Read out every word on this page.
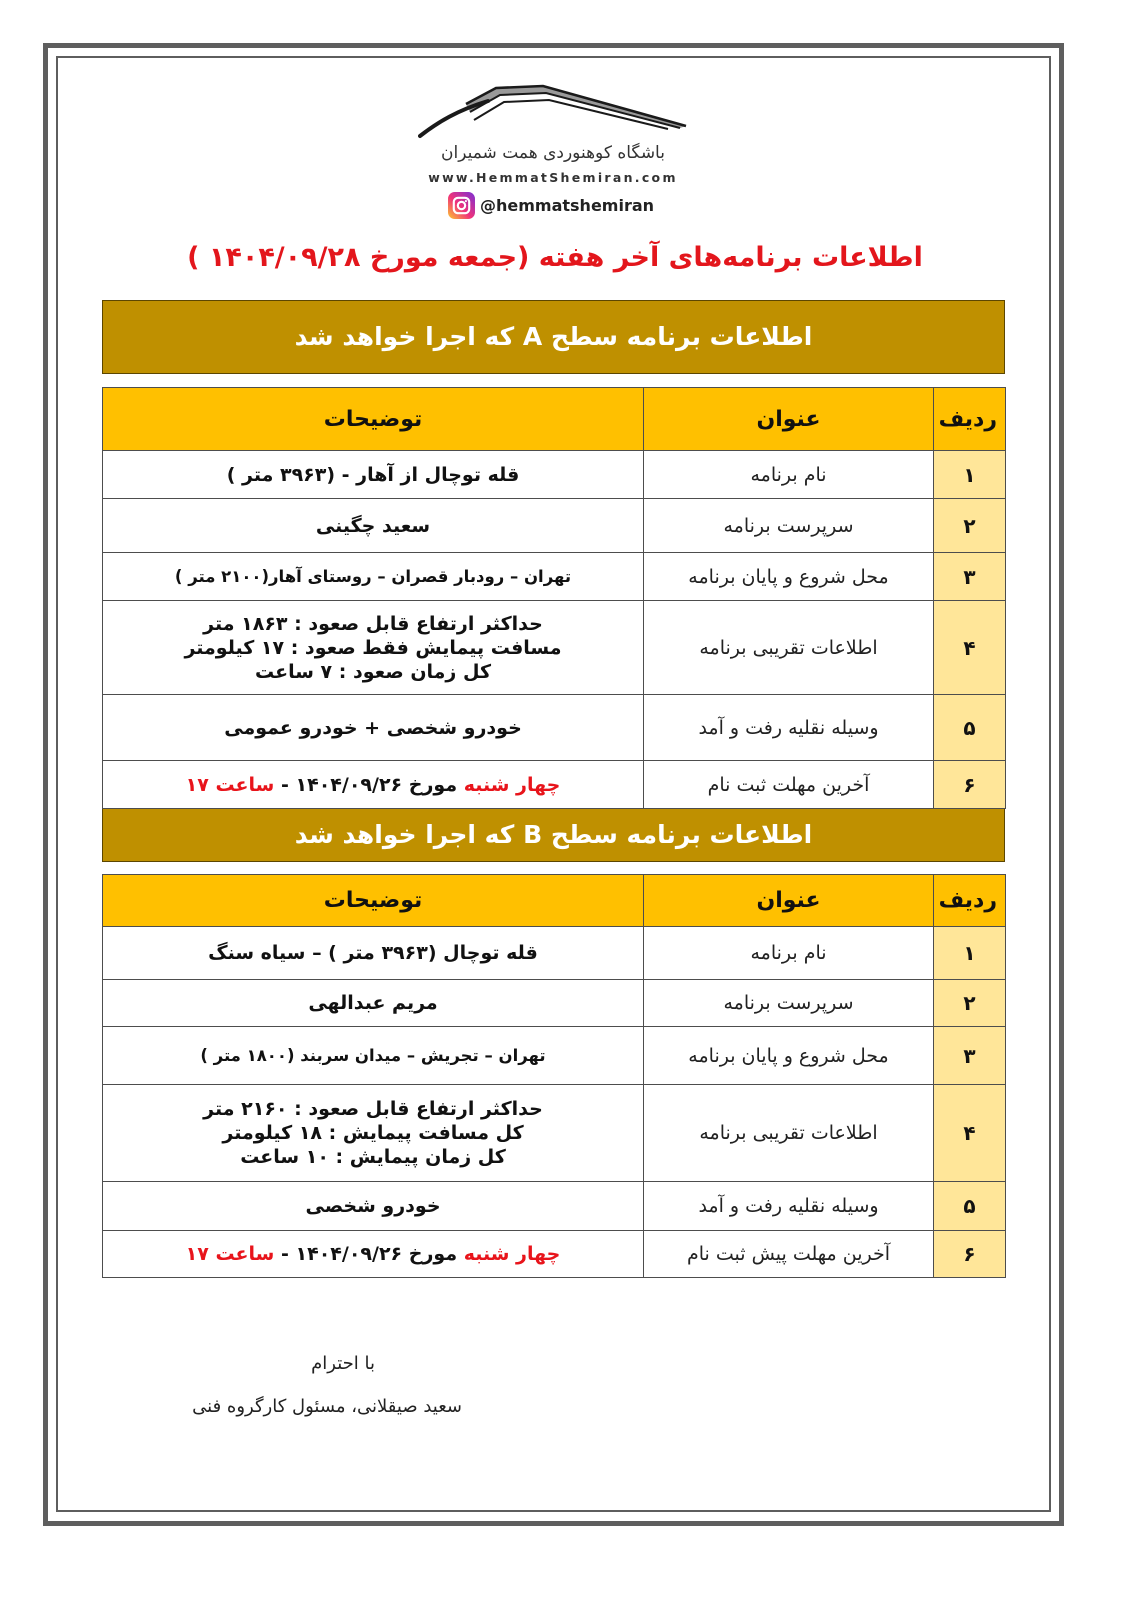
باشگاه کوهنوردی همت شمیران
www.HemmatShemiran.com
@hemmatshemiran
اطلاعات برنامه‌های آخر هفته (جمعه مورخ ۱۴۰۴/۰۹/۲۸ )
اطلاعات برنامه سطح A که اجرا خواهد شد
ردیف	عنوان	توضیحات
۱	نام برنامه	قله توچال از آهار - (۳۹۶۳ متر )
۲	سرپرست برنامه	سعید چگینی
۳	محل شروع و پایان برنامه	تهران – رودبار قصران – روستای آهار(۲۱۰۰ متر )
۴	اطلاعات تقریبی برنامه	حداکثر ارتفاع قابل صعود : ۱۸۶۳ متر
مسافت پیمایش فقط صعود : ۱۷ کیلومتر
کل زمان صعود : ۷ ساعت

۵	وسیله نقلیه رفت و آمد	خودرو شخصی + خودرو عمومی
۶	آخرین مهلت ثبت نام	چهار شنبه مورخ ۱۴۰۴/۰۹/۲۶ - ساعت ۱۷
اطلاعات برنامه سطح B که اجرا خواهد شد
ردیف	عنوان	توضیحات
۱	نام برنامه	قله توچال (۳۹۶۳ متر ) – سیاه سنگ
۲	سرپرست برنامه	مریم عبدالهی
۳	محل شروع و پایان برنامه	تهران – تجریش – میدان سربند (۱۸۰۰ متر )
۴	اطلاعات تقریبی برنامه	حداکثر ارتفاع قابل صعود : ۲۱۶۰ متر
کل مسافت پیمایش : ۱۸ کیلومتر
کل زمان پیمایش : ۱۰ ساعت

۵	وسیله نقلیه رفت و آمد	خودرو شخصی
۶	آخرین مهلت پیش ثبت نام	چهار شنبه مورخ ۱۴۰۴/۰۹/۲۶ - ساعت ۱۷
با احترام
سعید صیقلانی، مسئول کارگروه فنی
